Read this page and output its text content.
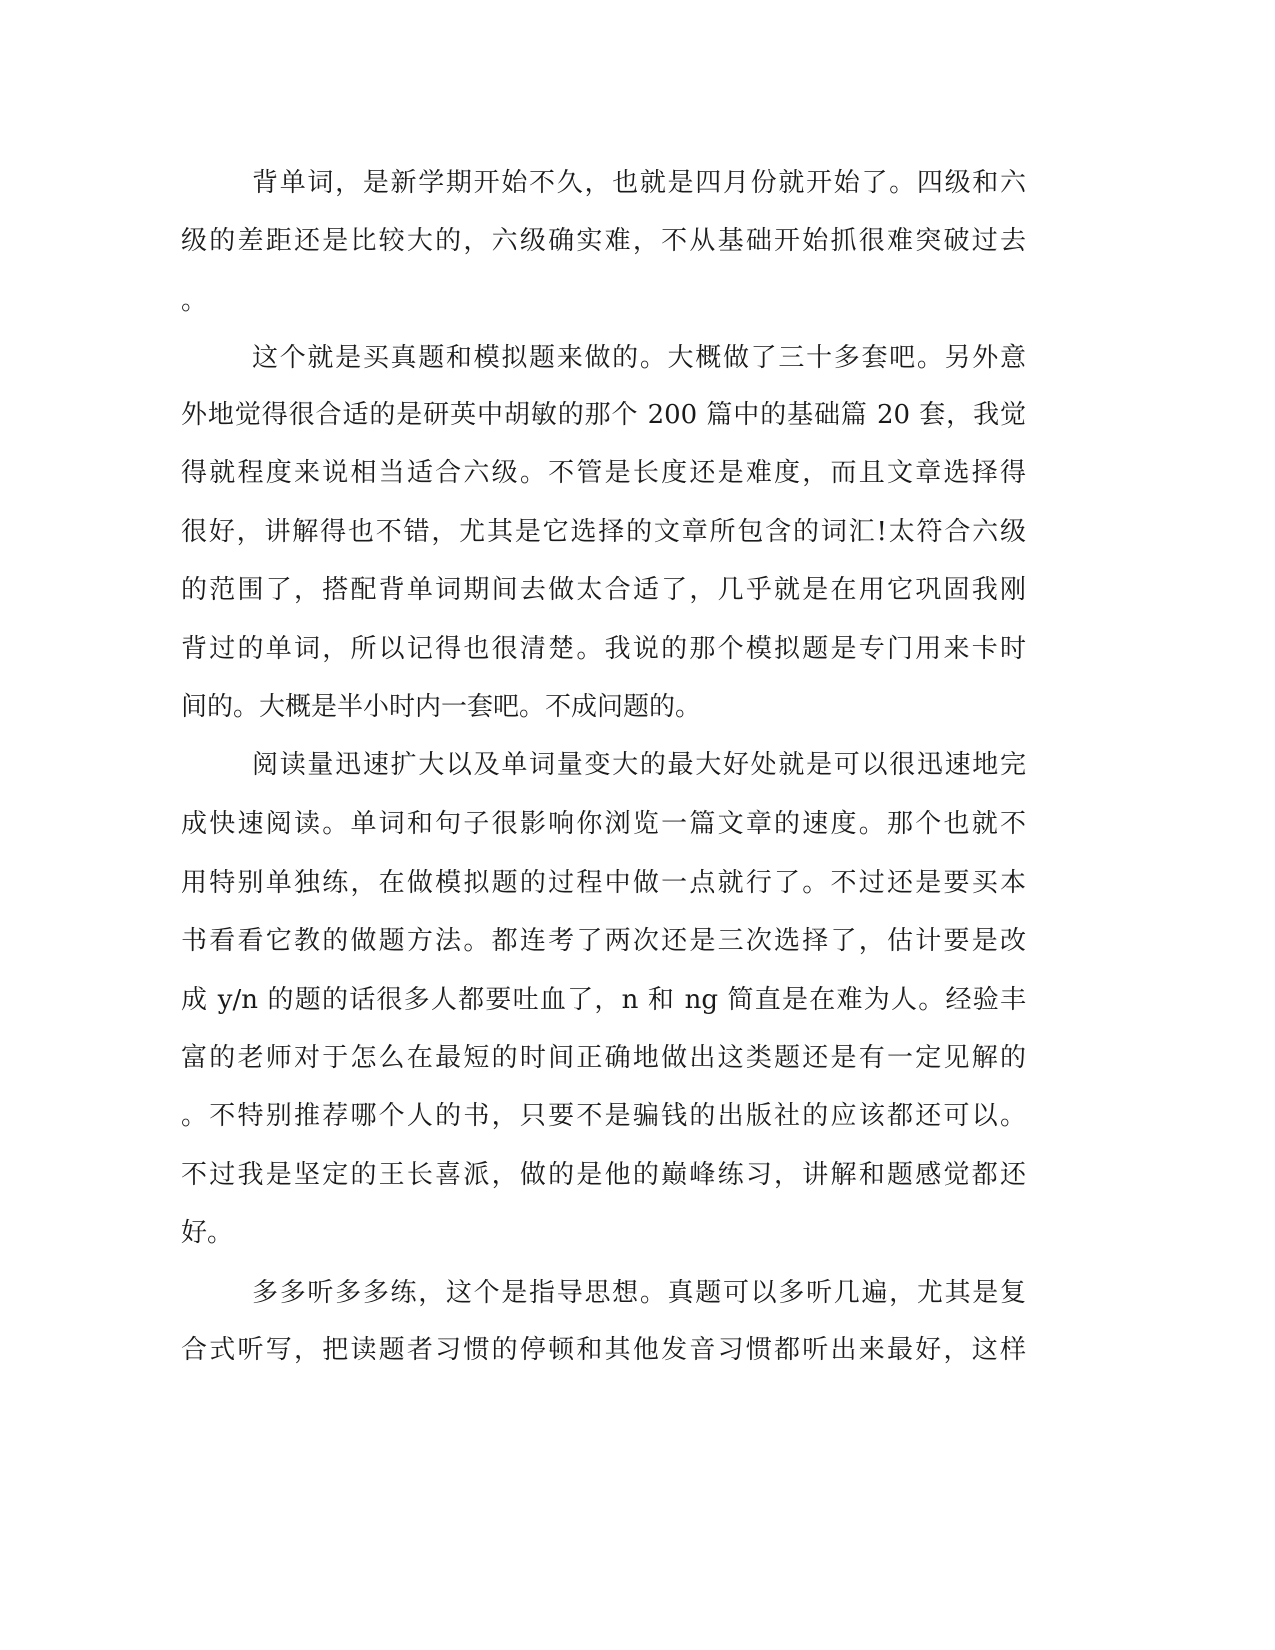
背单词，是新学期开始不久，也就是四月份就开始了。四级和六
级的差距还是比较大的，六级确实难，不从基础开始抓很难突破过去
。
这个就是买真题和模拟题来做的。大概做了三十多套吧。另外意
外地觉得很合适的是研英中胡敏的那个 200 篇中的基础篇 20 套，我觉
得就程度来说相当适合六级。不管是长度还是难度，而且文章选择得
很好，讲解得也不错，尤其是它选择的文章所包含的词汇!太符合六级
的范围了，搭配背单词期间去做太合适了，几乎就是在用它巩固我刚
背过的单词，所以记得也很清楚。我说的那个模拟题是专门用来卡时
间的。大概是半小时内一套吧。不成问题的。
阅读量迅速扩大以及单词量变大的最大好处就是可以很迅速地完
成快速阅读。单词和句子很影响你浏览一篇文章的速度。那个也就不
用特别单独练，在做模拟题的过程中做一点就行了。不过还是要买本
书看看它教的做题方法。都连考了两次还是三次选择了，估计要是改
成 y/n 的题的话很多人都要吐血了，n 和 ng 简直是在难为人。经验丰
富的老师对于怎么在最短的时间正确地做出这类题还是有一定见解的
。不特别推荐哪个人的书，只要不是骗钱的出版社的应该都还可以。
不过我是坚定的王长喜派，做的是他的巅峰练习，讲解和题感觉都还
好。
多多听多多练，这个是指导思想。真题可以多听几遍，尤其是复
合式听写，把读题者习惯的停顿和其他发音习惯都听出来最好，这样
